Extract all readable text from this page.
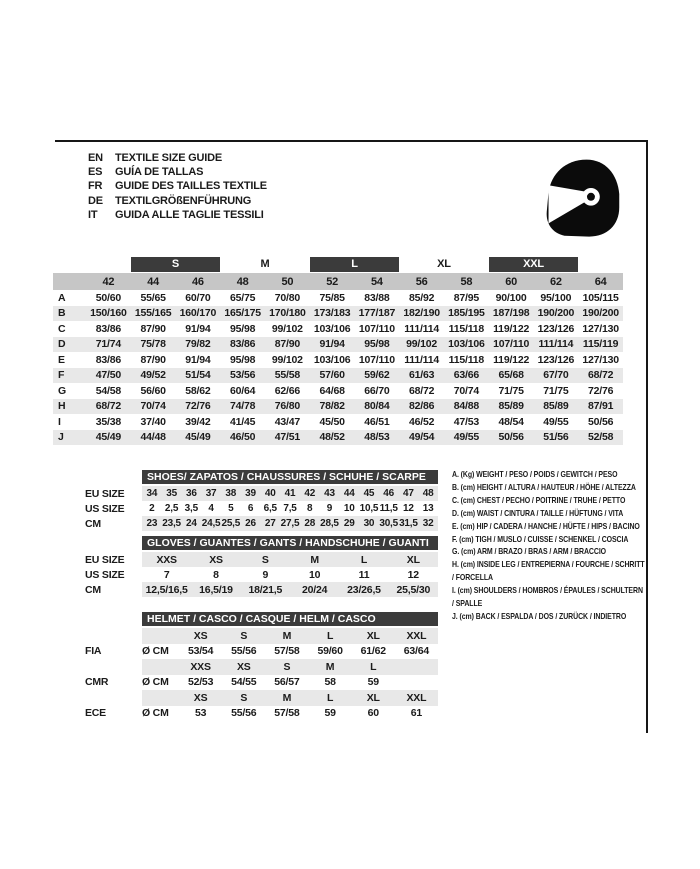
EN	TEXTILE SIZE GUIDE
ES	GUÍA DE TALLAS
FR	GUIDE DES TAILLES TEXTILE
DE	TEXTILGRÖßENFÜHRUNG
IT	GUIDA ALLE TAGLIE TESSILI
S	M	L	XL	XXL
42	44	46	48	50	52	54	56	58	60	62	64
A	50/60	55/65	60/70	65/75	70/80	75/85	83/88	85/92	87/95	90/100	95/100	105/115
B	150/160 155/165 160/170 165/175 170/180 173/183 177/187 182/190 185/195 187/198 190/200 190/200
C	83/86	87/90	91/94	95/98	99/102	103/106 107/110 111/114 115/118 119/122 123/126 127/130
D	71/74	75/78	79/82	83/86	87/90	91/94	95/98	99/102	103/106 107/110 111/114 115/119
E	83/86	87/90	91/94	95/98	99/102	103/106 107/110 111/114 115/118 119/122 123/126 127/130
F	47/50	49/52	51/54	53/56	55/58	57/60	59/62	61/63	63/66	65/68	67/70	68/72
G	54/58	56/60	58/62	60/64	62/66	64/68	66/70	68/72	70/74	71/75	71/75	72/76
H	68/72	70/74	72/76	74/78	76/80	78/82	80/84	82/86	84/88	85/89	85/89	87/91
I	35/38	37/40	39/42	41/45	43/47	45/50	46/51	46/52	47/53	48/54	49/55	50/56
J	45/49	44/48	45/49	46/50	47/51	48/52	48/53	49/54	49/55	50/56	51/56	52/58
SHOES/ ZAPATOS / CHAUSSURES / SCHUHE / SCARPE
EU SIZE	34 35 36 37 38 39 40 41 42 43 44 45 46 47 48
US SIZE	2	2,5 3,5	4	5	6	6,5 7,5	8	9	10 10,5 11,5 12 13
CM	23 23,5 24 24,5 25,5 26 27 27,5 28 28,5 29 30 30,5 31,5 32
GLOVES / GUANTES / GANTS / HANDSCHUHE / GUANTI
EU SIZE	XXS	XS	S	M	L	XL
US SIZE	7	8	9	10	11	12
CM	12,5/16,5	16,5/19	18/21,5	20/24	23/26,5	25,5/30
HELMET / CASCO / CASQUE / HELM / CASCO
XS	S	M	L	XL	XXL
FIA	Ø CM	53/54	55/56	57/58	59/60	61/62	63/64
XXS	XS	S	M	L
CMR	Ø CM	52/53	54/55	56/57	58	59
XS	S	M	L	XL	XXL
ECE	Ø CM	53	55/56	57/58	59	60	61
A. (Kg) WEIGHT / PESO / POIDS / GEWITCH / PESO
B. (cm) HEIGHT / ALTURA / HAUTEUR / HÖHE / ALTEZZA
C. (cm) CHEST / PECHO / POITRINE / TRUHE / PETTO
D. (cm) WAIST / CINTURA / TAILLE / HÜFTUNG / VITA
E. (cm) HIP / CADERA / HANCHE / HÜFTE / HIPS / BACINO
F. (cm) TIGH / MUSLO / CUISSE / SCHENKEL / COSCIA
G. (cm) ARM / BRAZO / BRAS / ARM / BRACCIO
H. (cm) INSIDE LEG / ENTREPIERNA / FOURCHE / SCHRITT / FORCELLA
I. (cm) SHOULDERS / HOMBROS / ÉPAULES / SCHULTERN / SPALLE
J. (cm) BACK / ESPALDA / DOS / ZURÜCK / INDIETRO
